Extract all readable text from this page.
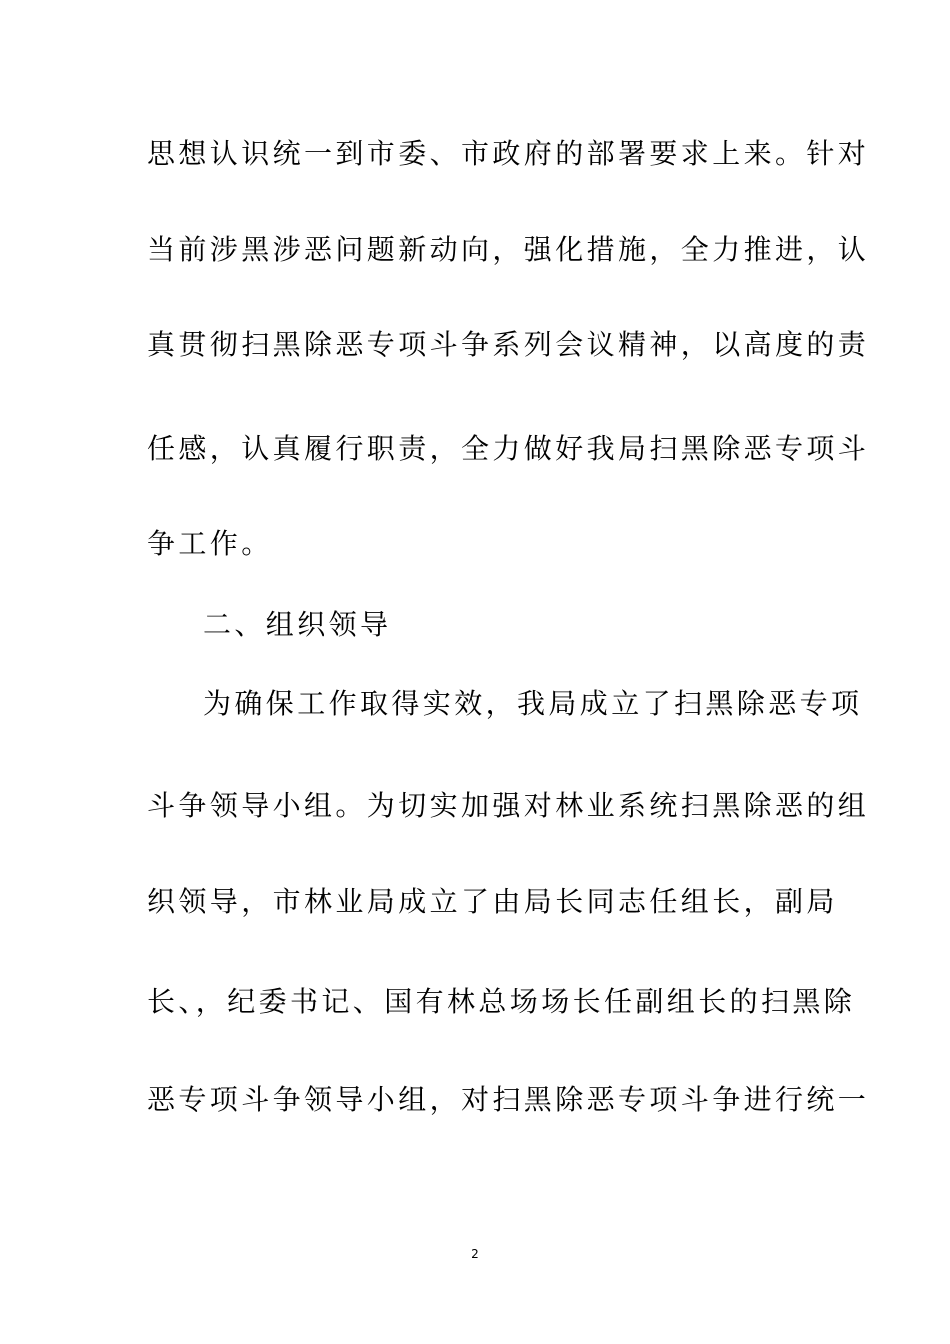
思想认识统一到市委、市政府的部署要求上来。针对
当前涉黑涉恶问题新动向，强化措施，全力推进，认
真贯彻扫黑除恶专项斗争系列会议精神，以高度的责
任感，认真履行职责，全力做好我局扫黑除恶专项斗
争工作。
二、组织领导
为确保工作取得实效，我局成立了扫黑除恶专项
斗争领导小组。为切实加强对林业系统扫黑除恶的组
织领导，市林业局成立了由局长同志任组长，副局
长、，纪委书记、国有林总场场长任副组长的扫黑除
恶专项斗争领导小组，对扫黑除恶专项斗争进行统一
2
